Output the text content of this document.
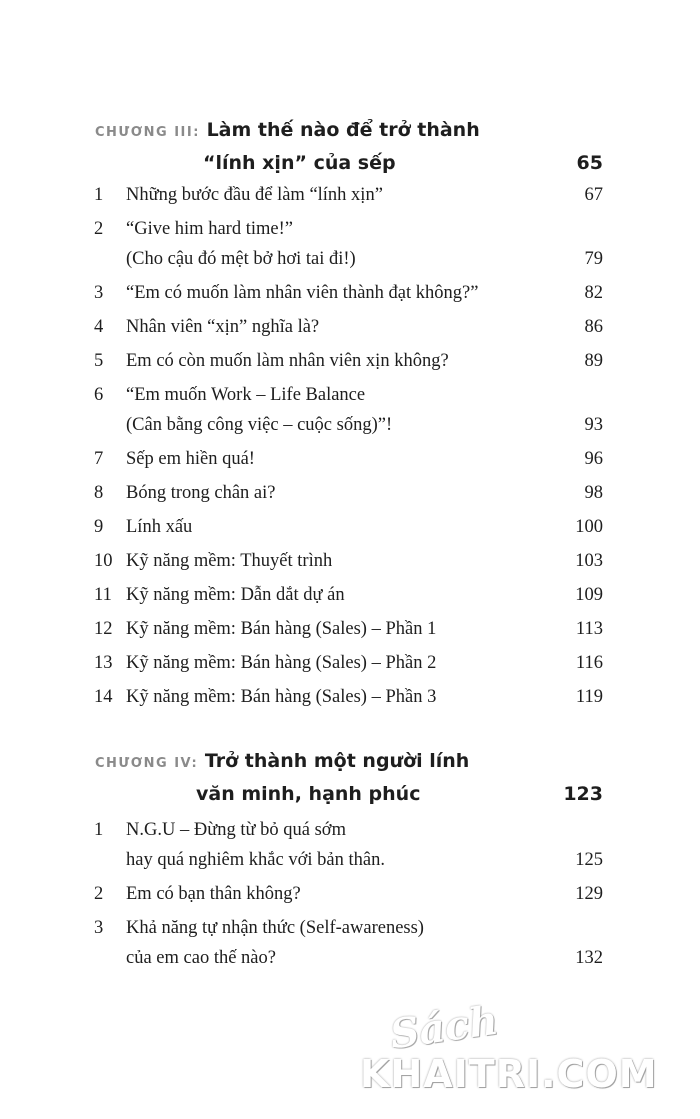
CHƯƠNG III: Làm thế nào để trở thành
“lính xịn” của sếp	65
1	Những bước đầu để làm “lính xịn”	67
2	“Give him hard time!”
(Cho cậu đó mệt bở hơi tai đi!)	79
3	“Em có muốn làm nhân viên thành đạt không?”	82
4	Nhân viên “xịn” nghĩa là?	86
5	Em có còn muốn làm nhân viên xịn không?	89
6	“Em muốn Work – Life Balance
(Cân bằng công việc – cuộc sống)”!	93
7	Sếp em hiền quá!	96
8	Bóng trong chân ai?	98
9	Lính xấu	100
10 Kỹ năng mềm: Thuyết trình	103
11 Kỹ năng mềm: Dẫn dắt dự án	109
12 Kỹ năng mềm: Bán hàng (Sales) – Phần 1	113
13 Kỹ năng mềm: Bán hàng (Sales) – Phần 2	116
14 Kỹ năng mềm: Bán hàng (Sales) – Phần 3	119
CHƯƠNG IV: Trở thành một người lính
văn minh, hạnh phúc	123
1	N.G.U – Đừng từ bỏ quá sớm
hay quá nghiêm khắc với bản thân.	125
2	Em có bạn thân không?	129
3	Khả năng tự nhận thức (Self-awareness)
của em cao thế nào?	132
Sách
KHAITRI.COM
